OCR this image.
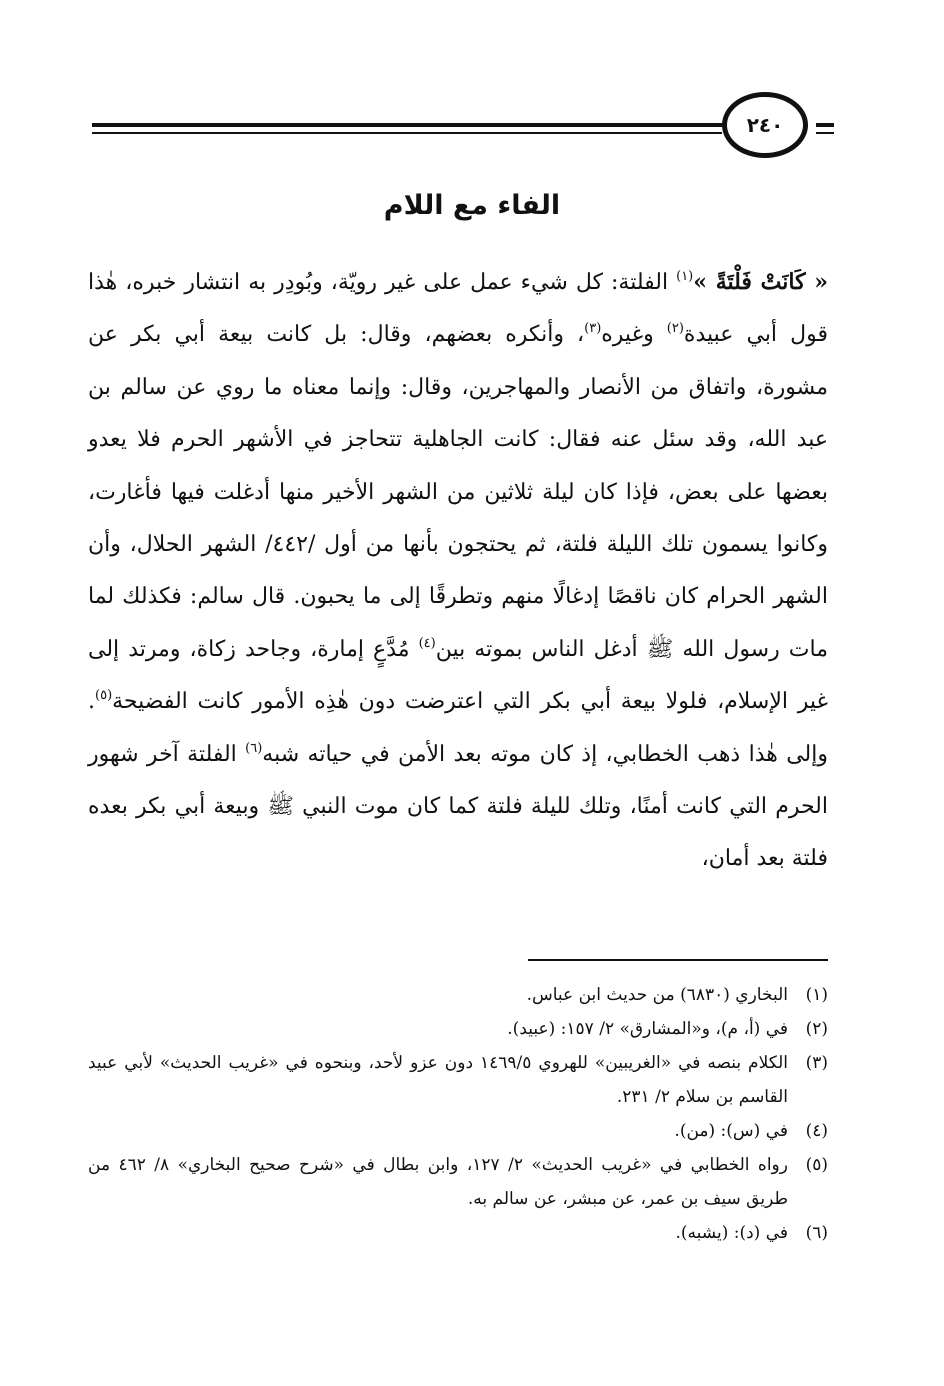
٢٤٠
الفاء مع اللام
« كَانَتْ فَلْتَةً »$^{(١)}$ الفلتة: كل شيء عمل على غير رويّة، وبُودِر به انتشار خبره، هٰذا قول أبي عبيدة$^{(٢)}$ وغيره$^{(٣)}$، وأنكره بعضهم، وقال: بل كانت بيعة أبي بكر عن مشورة، واتفاق من الأنصار والمهاجرين، وقال: وإنما معناه ما روي عن سالم بن عبد الله، وقد سئل عنه فقال: كانت الجاهلية تتحاجز في الأشهر الحرم فلا يعدو بعضها على بعض، فإذا كان ليلة ثلاثين من الشهر الأخير منها أدغلت فيها فأغارت، وكانوا يسمون تلك الليلة فلتة، ثم يحتجون بأنها من أول /٤٤٢/ الشهر الحلال، وأن الشهر الحرام كان ناقصًا إدغالًا منهم وتطرقًا إلى ما يحبون. قال سالم: فكذلك لما مات رسول الله ﷺ أدغل الناس بموته بين$^{(٤)}$ مُدَّعٍ إمارة، وجاحد زكاة، ومرتد إلى غير الإسلام، فلولا بيعة أبي بكر التي اعترضت دون هٰذِه الأمور كانت الفضيحة$^{(٥)}$. وإلى هٰذا ذهب الخطابي، إذ كان موته بعد الأمن في حياته شبه$^{(٦)}$ الفلتة آخر شهور الحرم التي كانت أمنًا، وتلك لليلة فلتة كما كان موت النبي ﷺ وبيعة أبي بكر بعده فلتة بعد أمان،
(١)
البخاري (٦٨٣٠) من حديث ابن عباس.
(٢)
في (أ، م)، و«المشارق» ٢/ ١٥٧: (عبيد).
(٣)
الكلام بنصه في «الغريبين» للهروي ١٤٦٩/٥ دون عزو لأحد، وبنحوه في «غريب الحديث» لأبي عبيد القاسم بن سلام ٢/ ٢٣١.
(٤)
في (س): (من).
(٥)
رواه الخطابي في «غريب الحديث» ٢/ ١٢٧، وابن بطال في «شرح صحيح البخاري» ٨/ ٤٦٢ من طريق سيف بن عمر، عن مبشر، عن سالم به.
(٦)
في (د): (يشبه).
